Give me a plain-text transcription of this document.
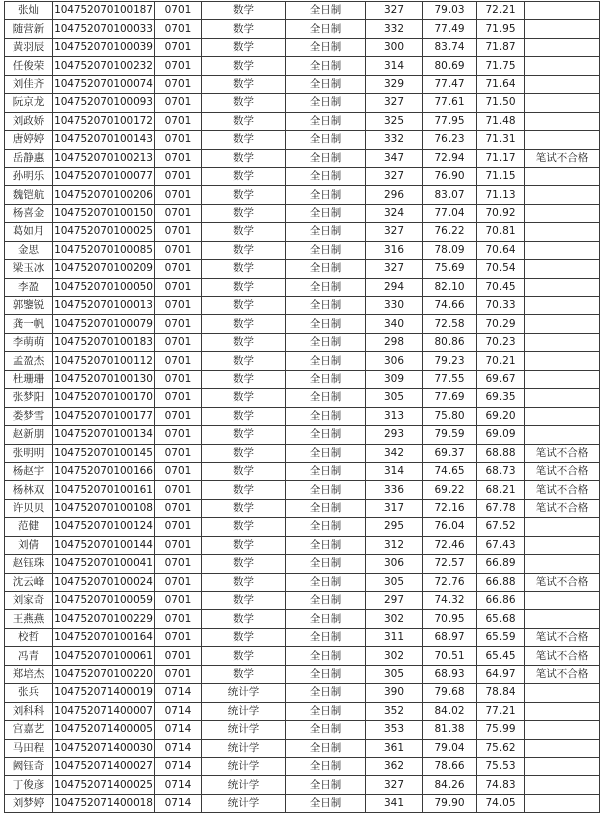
张灿	104752070100187	0701	数学	全日制	327	79.03	72.21	
随营新	104752070100033	0701	数学	全日制	332	77.49	71.95	
黄羽辰	104752070100039	0701	数学	全日制	300	83.74	71.87	
任俊荣	104752070100232	0701	数学	全日制	314	80.69	71.75	
刘佳齐	104752070100074	0701	数学	全日制	329	77.47	71.64	
阮京龙	104752070100093	0701	数学	全日制	327	77.61	71.50	
刘政娇	104752070100172	0701	数学	全日制	325	77.95	71.48	
唐婷婷	104752070100143	0701	数学	全日制	332	76.23	71.31	
岳静惠	104752070100213	0701	数学	全日制	347	72.94	71.17	笔试不合格
孙明乐	104752070100077	0701	数学	全日制	327	76.90	71.15	
魏铠航	104752070100206	0701	数学	全日制	296	83.07	71.13	
杨喜金	104752070100150	0701	数学	全日制	324	77.04	70.92	
葛如月	104752070100025	0701	数学	全日制	327	76.22	70.81	
金思	104752070100085	0701	数学	全日制	316	78.09	70.64	
梁玉冰	104752070100209	0701	数学	全日制	327	75.69	70.54	
李盈	104752070100050	0701	数学	全日制	294	82.10	70.45	
郭鑒锐	104752070100013	0701	数学	全日制	330	74.66	70.33	
龚一帆	104752070100079	0701	数学	全日制	340	72.58	70.29	
李萌萌	104752070100183	0701	数学	全日制	298	80.86	70.23	
孟盈杰	104752070100112	0701	数学	全日制	306	79.23	70.21	
杜珊珊	104752070100130	0701	数学	全日制	309	77.55	69.67	
张梦阳	104752070100170	0701	数学	全日制	305	77.69	69.35	
娄梦雪	104752070100177	0701	数学	全日制	313	75.80	69.20	
赵新朋	104752070100134	0701	数学	全日制	293	79.59	69.09	
张明明	104752070100145	0701	数学	全日制	342	69.37	68.88	笔试不合格
杨赵宇	104752070100166	0701	数学	全日制	314	74.65	68.73	笔试不合格
杨林双	104752070100161	0701	数学	全日制	336	69.22	68.21	笔试不合格
许贝贝	104752070100108	0701	数学	全日制	317	72.16	67.78	笔试不合格
范健	104752070100124	0701	数学	全日制	295	76.04	67.52	
刘倩	104752070100144	0701	数学	全日制	312	72.46	67.43	
赵钰珠	104752070100041	0701	数学	全日制	306	72.57	66.89	
沈云峰	104752070100024	0701	数学	全日制	305	72.76	66.88	笔试不合格
刘家奇	104752070100059	0701	数学	全日制	297	74.32	66.86	
王燕燕	104752070100229	0701	数学	全日制	302	70.95	65.68	
校哲	104752070100164	0701	数学	全日制	311	68.97	65.59	笔试不合格
冯青	104752070100061	0701	数学	全日制	302	70.51	65.45	笔试不合格
郑培杰	104752070100220	0701	数学	全日制	305	68.93	64.97	笔试不合格
张兵	104752071400019	0714	统计学	全日制	390	79.68	78.84	
刘科科	104752071400007	0714	统计学	全日制	352	84.02	77.21	
宫嘉艺	104752071400005	0714	统计学	全日制	353	81.38	75.99	
马田程	104752071400030	0714	统计学	全日制	361	79.04	75.62	
阙钰奇	104752071400027	0714	统计学	全日制	362	78.66	75.53	
丁俊彦	104752071400025	0714	统计学	全日制	327	84.26	74.83	
刘梦婷	104752071400018	0714	统计学	全日制	341	79.90	74.05	
